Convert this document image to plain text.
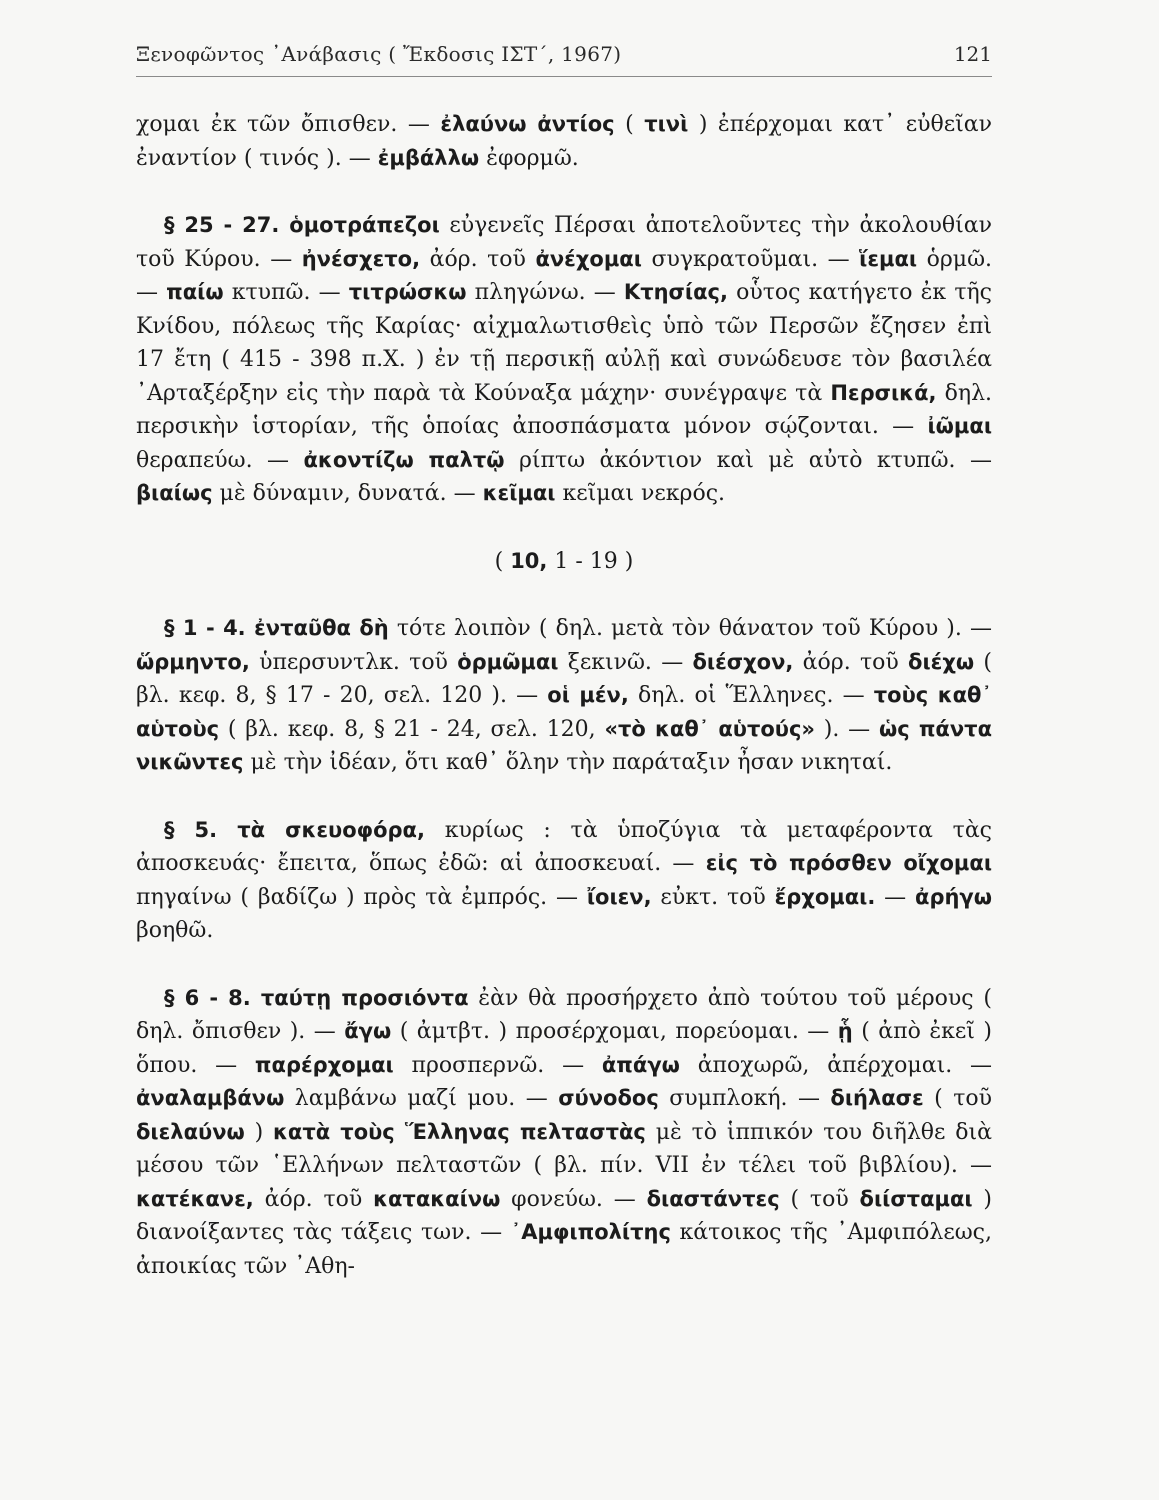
Ξενοφῶντος ᾿Ανάβασις ( Ἔκδοσις ΙΣΤ΄, 1967)	121

χομαι ἐκ τῶν ὄπισθεν. — ἐλαύνω ἀντίος ( τινὶ ) ἐπέρχομαι κατ᾿ εὐθεῖαν ἐναντίον ( τινός ). — ἐμβάλλω ἐφορμῶ.

§ 25 - 27. ὁμοτράπεζοι εὐγενεῖς Πέρσαι ἀποτελοῦντες τὴν ἀκολουθίαν τοῦ Κύρου. — ἠνέσχετο, ἀόρ. τοῦ ἀνέχομαι συγκρατοῦμαι. — ἵεμαι ὁρμῶ. — παίω κτυπῶ. — τιτρώσκω πληγώνω. — Κτησίας, οὗτος κατήγετο ἐκ τῆς Κνίδου, πόλεως τῆς Καρίας· αἰχμαλωτισθεὶς ὑπὸ τῶν Περσῶν ἔζησεν ἐπὶ 17 ἔτη ( 415 - 398 π.Χ. ) ἐν τῇ περσικῇ αὐλῇ καὶ συνώδευσε τὸν βασιλέα ᾿Αρταξέρξην εἰς τὴν παρὰ τὰ Κούναξα μάχην· συνέγραψε τὰ Περσικά, δηλ. περσικὴν ἱστορίαν, τῆς ὁποίας ἀποσπάσματα μόνον σῴζονται. — ἰῶμαι θεραπεύω. — ἀκοντίζω παλτῷ ρίπτω ἀκόντιον καὶ μὲ αὐτὸ κτυπῶ. — βιαίως μὲ δύναμιν, δυνατά. — κεῖμαι κεῖμαι νεκρός.

( 10, 1 - 19 )

§ 1 - 4. ἐνταῦθα δὴ τότε λοιπὸν ( δηλ. μετὰ τὸν θάνατον τοῦ Κύρου ). — ὥρμηντο, ὑπερσυντλκ. τοῦ ὁρμῶμαι ξεκινῶ. — διέσχον, ἀόρ. τοῦ διέχω ( βλ. κεφ. 8, § 17 - 20, σελ. 120 ). — οἱ μέν, δηλ. οἱ Ἕλληνες. — τοὺς καθ᾿ αὑτοὺς ( βλ. κεφ. 8, § 21 - 24, σελ. 120, «τὸ καθ᾿ αὑτούς» ). — ὡς πάντα νικῶντες μὲ τὴν ἰδέαν, ὅτι καθ᾿ ὅλην τὴν παράταξιν ἦσαν νικηταί.

§ 5. τὰ σκευοφόρα, κυρίως : τὰ ὑποζύγια τὰ μεταφέροντα τὰς ἀποσκευάς· ἔπειτα, ὅπως ἐδῶ: αἱ ἀποσκευαί. — εἰς τὸ πρόσθεν οἴχομαι πηγαίνω ( βαδίζω ) πρὸς τὰ ἐμπρός. — ἴοιεν, εὐκτ. τοῦ ἔρχομαι. — ἀρήγω βοηθῶ.

§ 6 - 8. ταύτῃ προσιόντα ἐὰν θὰ προσήρχετο ἀπὸ τούτου τοῦ μέρους ( δηλ. ὄπισθεν ). — ἄγω ( ἀμτβτ. ) προσέρχομαι, πορεύομαι. — ᾗ ( ἀπὸ ἐκεῖ ) ὅπου. — παρέρχομαι προσπερνῶ. — ἀπάγω ἀποχωρῶ, ἀπέρχομαι. — ἀναλαμβάνω λαμβάνω μαζί μου. — σύνοδος συμπλοκή. — διήλασε ( τοῦ διελαύνω ) κατὰ τοὺς Ἕλληνας πελταστὰς μὲ τὸ ἱππικόν του διῆλθε διὰ μέσου τῶν ῾Ελλήνων πελταστῶν ( βλ. πίν. VII ἐν τέλει τοῦ βιβλίου). — κατέκανε, ἀόρ. τοῦ κατακαίνω φονεύω. — διαστάντες ( τοῦ διίσταμαι ) διανοίξαντες τὰς τάξεις των. — ᾿Αμφιπολίτης κάτοικος τῆς ᾿Αμφιπόλεως, ἀποικίας τῶν ᾿Αθη-
